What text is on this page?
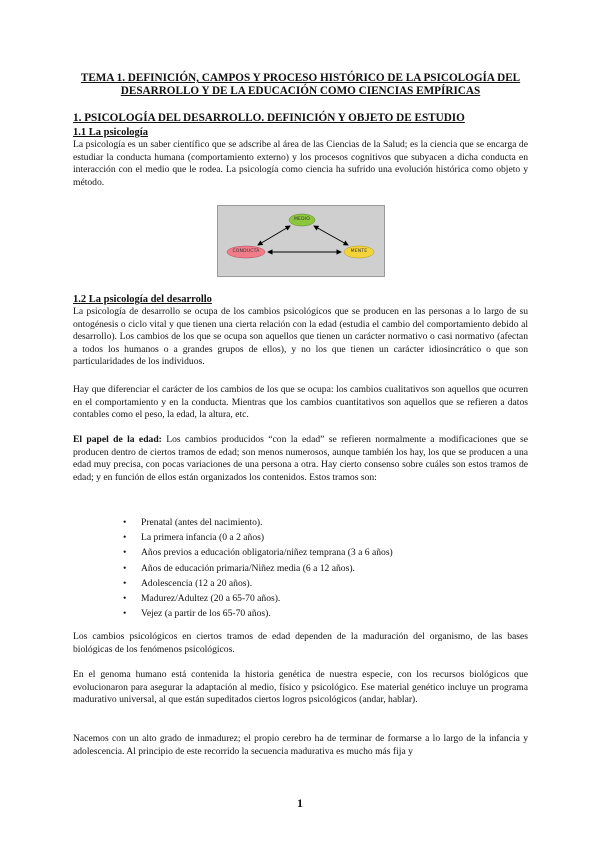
TEMA 1. DEFINICIÓN, CAMPOS Y PROCESO HISTÓRICO DE LA PSICOLOGÍA DEL DESARROLLO Y DE LA EDUCACIÓN COMO CIENCIAS EMPÍRICAS

1. PSICOLOGÍA DEL DESARROLLO. DEFINICIÓN Y OBJETO DE ESTUDIO

1.1 La psicología

La psicología es un saber científico que se adscribe al área de las Ciencias de la Salud; es la ciencia que se encarga de estudiar la conducta humana (comportamiento externo) y los procesos cognitivos que subyacen a dicha conducta en interacción con el medio que le rodea. La psicología como ciencia ha sufrido una evolución histórica como objeto y método.

MEDIO
CONDUCTA	MENTE

1.2 La psicología del desarrollo

La psicología de desarrollo se ocupa de los cambios psicológicos que se producen en las personas a lo largo de su ontogénesis o ciclo vital y que tienen una cierta relación con la edad (estudia el cambio del comportamiento debido al desarrollo). Los cambios de los que se ocupa son aquellos que tienen un carácter normativo o casi normativo (afectan a todos los humanos o a grandes grupos de ellos), y no los que tienen un carácter idiosincrático o que son particularidades de los individuos.

Hay que diferenciar el carácter de los cambios de los que se ocupa: los cambios cualitativos son aquellos que ocurren en el comportamiento y en la conducta. Mientras que los cambios cuantitativos son aquellos que se refieren a datos contables como el peso, la edad, la altura, etc.

El papel de la edad: Los cambios producidos “con la edad” se refieren normalmente a modificaciones que se producen dentro de ciertos tramos de edad; son menos numerosos, aunque también los hay, los que se producen a una edad muy precisa, con pocas variaciones de una persona a otra. Hay cierto consenso sobre cuáles son estos tramos de edad; y en función de ellos están organizados los contenidos. Estos tramos son:

• Prenatal (antes del nacimiento).
• La primera infancia (0 a 2 años)
• Años previos a educación obligatoria/niñez temprana (3 a 6 años)
• Años de educación primaria/Niñez media (6 a 12 años).
• Adolescencia (12 a 20 años).
• Madurez/Adultez (20 a 65-70 años).
• Vejez (a partir de los 65-70 años).

Los cambios psicológicos en ciertos tramos de edad dependen de la maduración del organismo, de las bases biológicas de los fenómenos psicológicos.

En el genoma humano está contenida la historia genética de nuestra especie, con los recursos biológicos que evolucionaron para asegurar la adaptación al medio, físico y psicológico. Ese material genético incluye un programa madurativo universal, al que están supeditados ciertos logros psicológicos (andar, hablar).

Nacemos con un alto grado de inmadurez; el propio cerebro ha de terminar de formarse a lo largo de la infancia y adolescencia. Al principio de este recorrido la secuencia madurativa es mucho más fija y

1
